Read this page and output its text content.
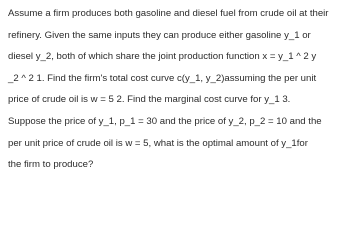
Assume a firm produces both gasoline and diesel fuel from crude oil at their
refinery. Given the same inputs they can produce either gasoline y_1 or
diesel y_2, both of which share the joint production function x = y_1 ^ 2 y
_2 ^ 2 1. Find the firm's total cost curve c(y_1, y_2)assuming the per unit
price of crude oil is w = 5 2. Find the marginal cost curve for y_1 3.
Suppose the price of y_1, p_1 = 30 and the price of y_2, p_2 = 10 and the
per unit price of crude oil is w = 5, what is the optimal amount of y_1for
the firm to produce?
